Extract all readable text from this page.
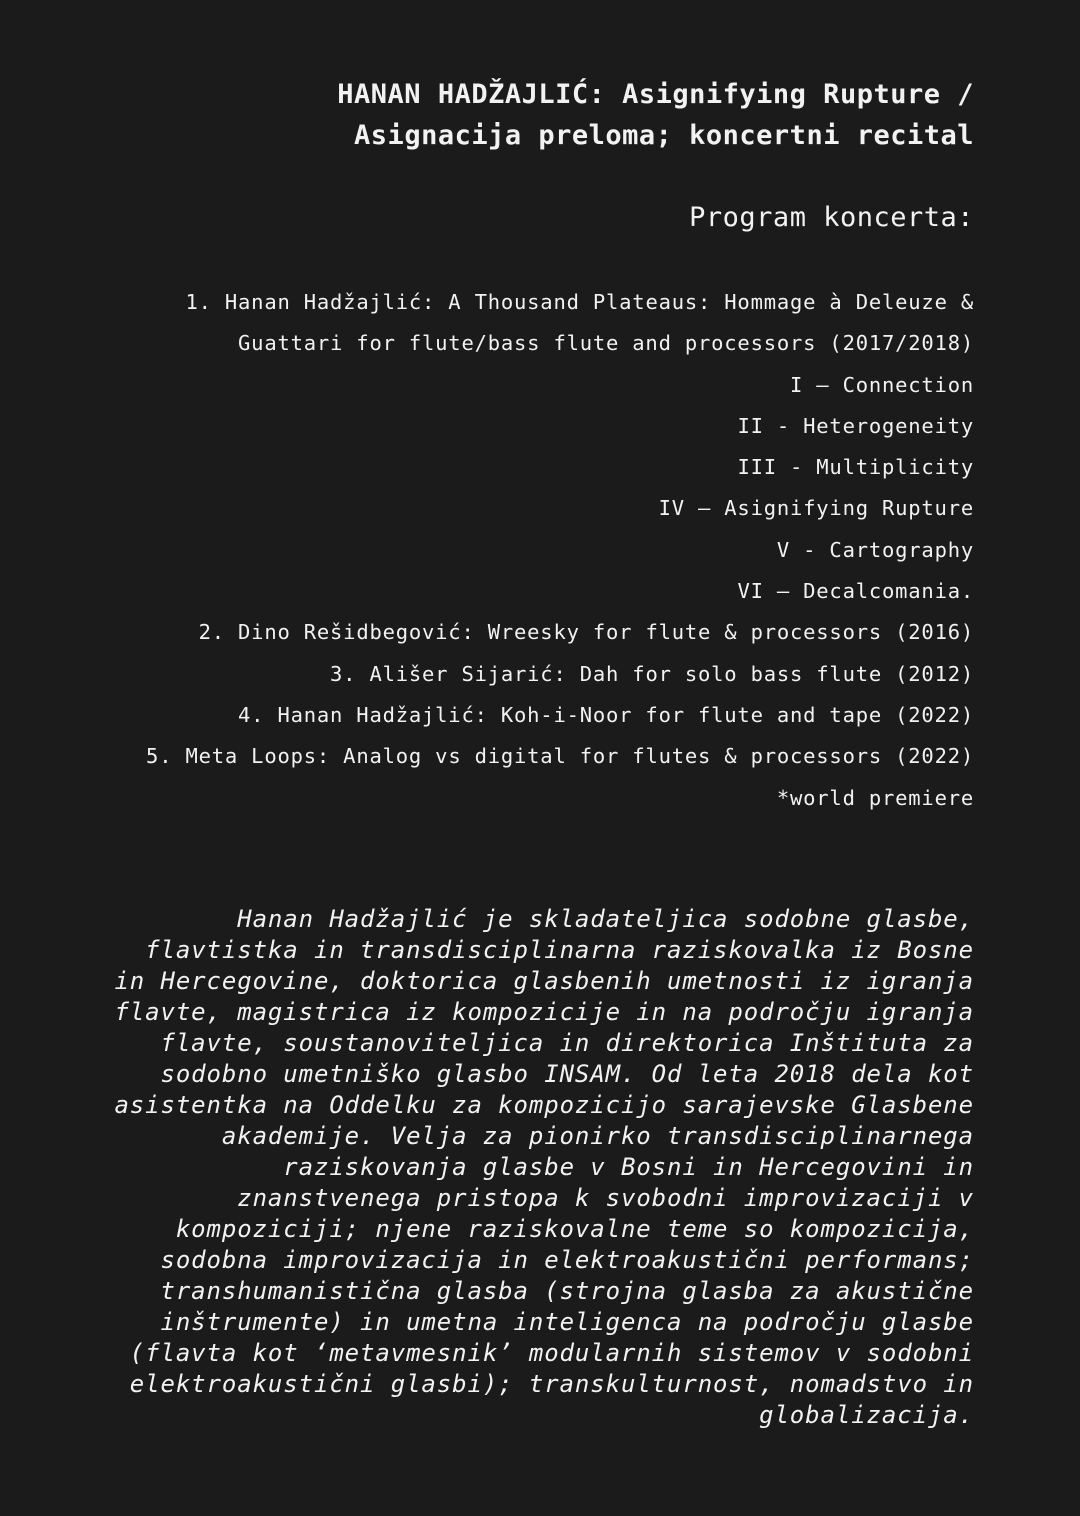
HANAN HADŽAJLIĆ: Asignifying Rupture /
Asignacija preloma; koncertni recital
Program koncerta:
1. Hanan Hadžajlić: A Thousand Plateaus: Hommage à Deleuze &
Guattari for flute/bass flute and processors (2017/2018)
I – Connection
II - Heterogeneity
III - Multiplicity
IV – Asignifying Rupture
V - Cartography
VI – Decalcomania.
2. Dino Rešidbegović: Wreesky for flute & processors (2016)
3. Ališer Sijarić: Dah for solo bass flute (2012)
4. Hanan Hadžajlić: Koh-i-Noor for flute and tape (2022)
5. Meta Loops: Analog vs digital for flutes & processors (2022)
*world premiere

Hanan Hadžajlić je skladateljica sodobne glasbe,
flavtistka in transdisciplinarna raziskovalka iz Bosne
in Hercegovine, doktorica glasbenih umetnosti iz igranja
flavte, magistrica iz kompozicije in na področju igranja
flavte, soustanoviteljica in direktorica Inštituta za
sodobno umetniško glasbo INSAM. Od leta 2018 dela kot
asistentka na Oddelku za kompozicijo sarajevske Glasbene
akademije. Velja za pionirko transdisciplinarnega
raziskovanja glasbe v Bosni in Hercegovini in
znanstvenega pristopa k svobodni improvizaciji v
kompoziciji; njene raziskovalne teme so kompozicija,
sodobna improvizacija in elektroakustični performans;
transhumanistična glasba (strojna glasba za akustične
inštrumente) in umetna inteligenca na področju glasbe
(flavta kot ‘metavmesnik’ modularnih sistemov v sodobni
elektroakustični glasbi); transkulturnost, nomadstvo in
globalizacija.
